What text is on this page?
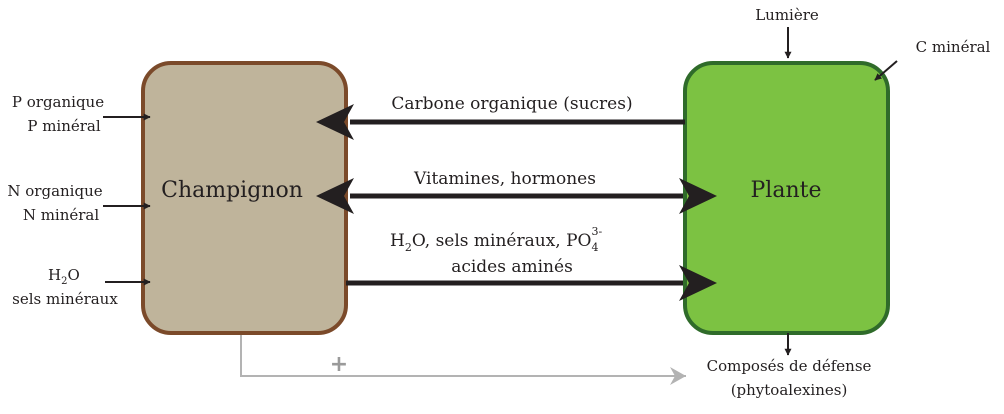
Champignon	Plante
Carbone organique (sucres)
Vitamines, hormones
$H_2O$, sels minéraux, $PO_43-$
acides aminés
P organique
P minéral
N organique
N minéral
$H_2O$
sels minéraux
Lumière
C minéral
Composés de défense
(phytoalexines)
+
